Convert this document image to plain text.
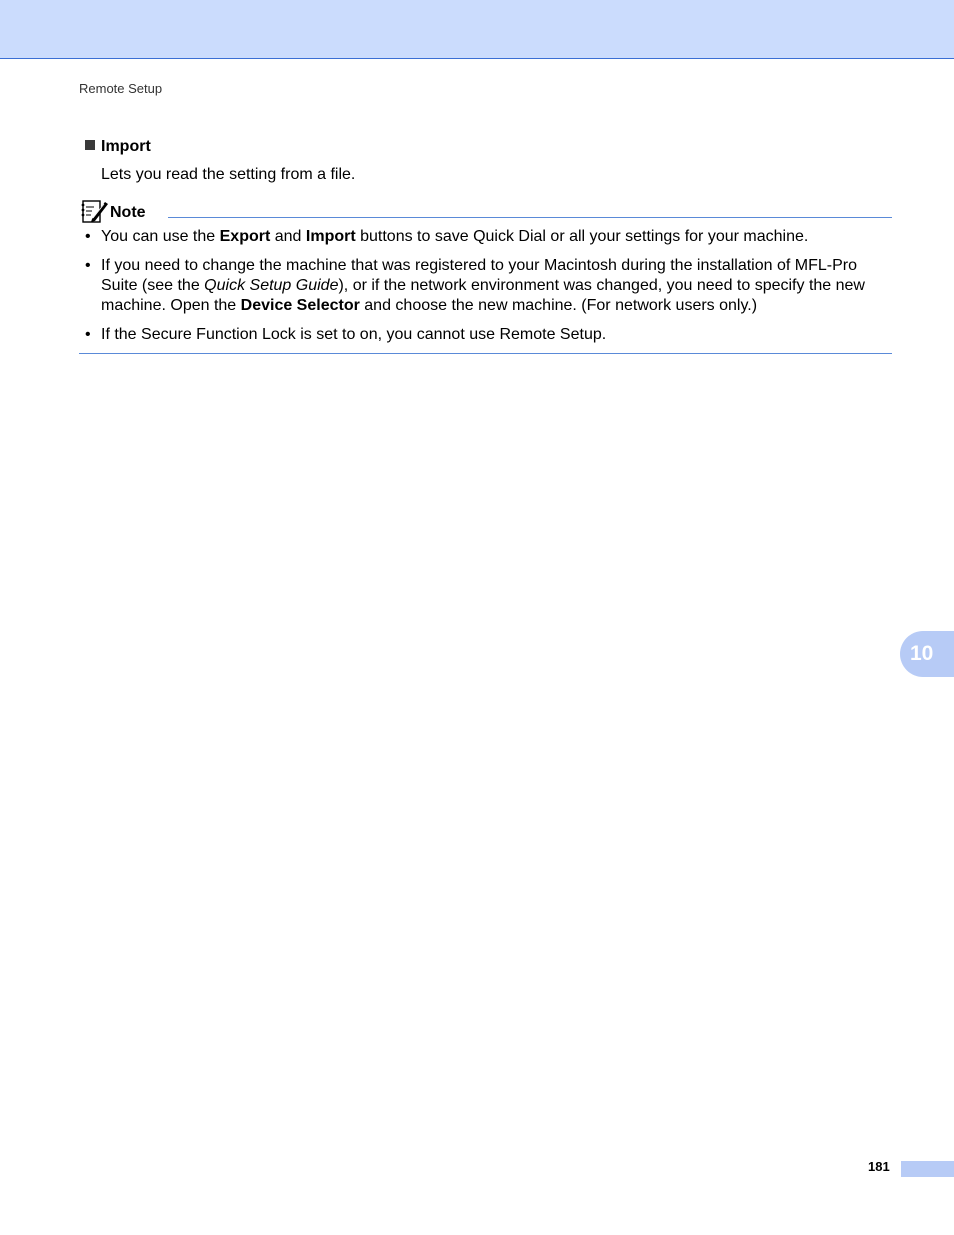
Remote Setup
Import
Lets you read the setting from a file.
Note
• You can use the Export and Import buttons to save Quick Dial or all your settings for your machine.
• If you need to change the machine that was registered to your Macintosh during the installation of MFL-Pro Suite (see the Quick Setup Guide), or if the network environment was changed, you need to specify the new machine. Open the Device Selector and choose the new machine. (For network users only.)
• If the Secure Function Lock is set to on, you cannot use Remote Setup.
10
181
